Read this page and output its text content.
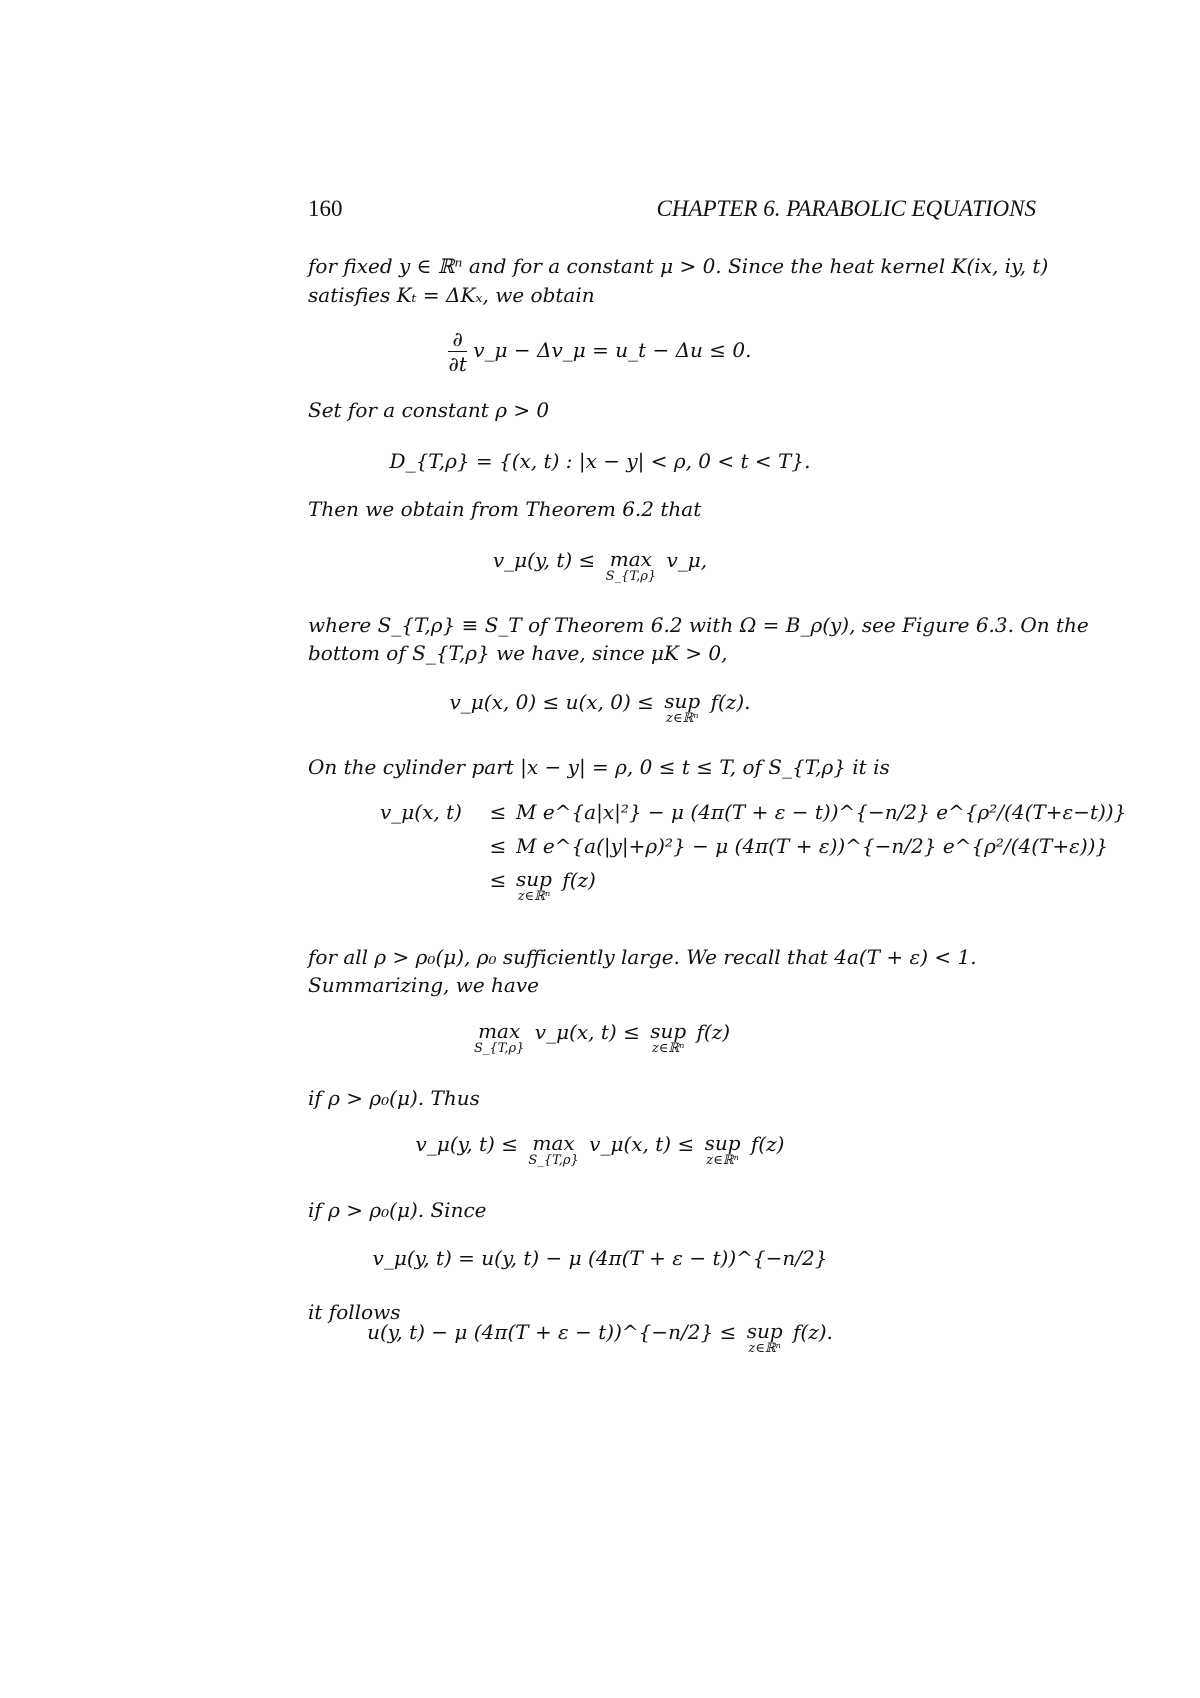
160	CHAPTER 6. PARABOLIC EQUATIONS
for fixed y ∈ ℝⁿ and for a constant μ > 0. Since the heat kernel K(ix, iy, t)
satisfies Kₜ = ΔKₓ, we obtain
$\frac{\partial}{\partial t}$ v_μ − Δv_μ = u_t − Δu ≤ 0.
Set for a constant ρ > 0
D_{T,ρ} = {(x, t) : |x − y| < ρ, 0 < t < T}.
Then we obtain from Theorem 6.2 that
v_μ(y, t) ≤ max
S_{T,ρ}
v_μ,
where S_{T,ρ} ≡ S_T of Theorem 6.2 with Ω = B_ρ(y), see Figure 6.3. On the
bottom of S_{T,ρ} we have, since μK > 0,
v_μ(x, 0) ≤ u(x, 0) ≤ sup
z∈ℝⁿ
f(z).
On the cylinder part |x − y| = ρ, 0 ≤ t ≤ T, of S_{T,ρ} it is
v_μ(x, t)	≤	M e^{a|x|²} − μ (4π(T + ε − t))^{−n/2} e^{ρ²/(4(T+ε−t))}
	≤	M e^{a(|y|+ρ)²} − μ (4π(T + ε))^{−n/2} e^{ρ²/(4(T+ε))}
	≤	sup
z∈ℝⁿ
f(z)
for all ρ > ρ₀(μ), ρ₀ sufficiently large. We recall that 4a(T + ε) < 1.
Summarizing, we have
max
S_{T,ρ}
v_μ(x, t) ≤ sup
z∈ℝⁿ
f(z)
if ρ > ρ₀(μ). Thus
v_μ(y, t) ≤ max
S_{T,ρ}
v_μ(x, t) ≤ sup
z∈ℝⁿ
f(z)
if ρ > ρ₀(μ). Since
v_μ(y, t) = u(y, t) − μ (4π(T + ε − t))^{−n/2}
it follows
u(y, t) − μ (4π(T + ε − t))^{−n/2} ≤ sup
z∈ℝⁿ
f(z).
